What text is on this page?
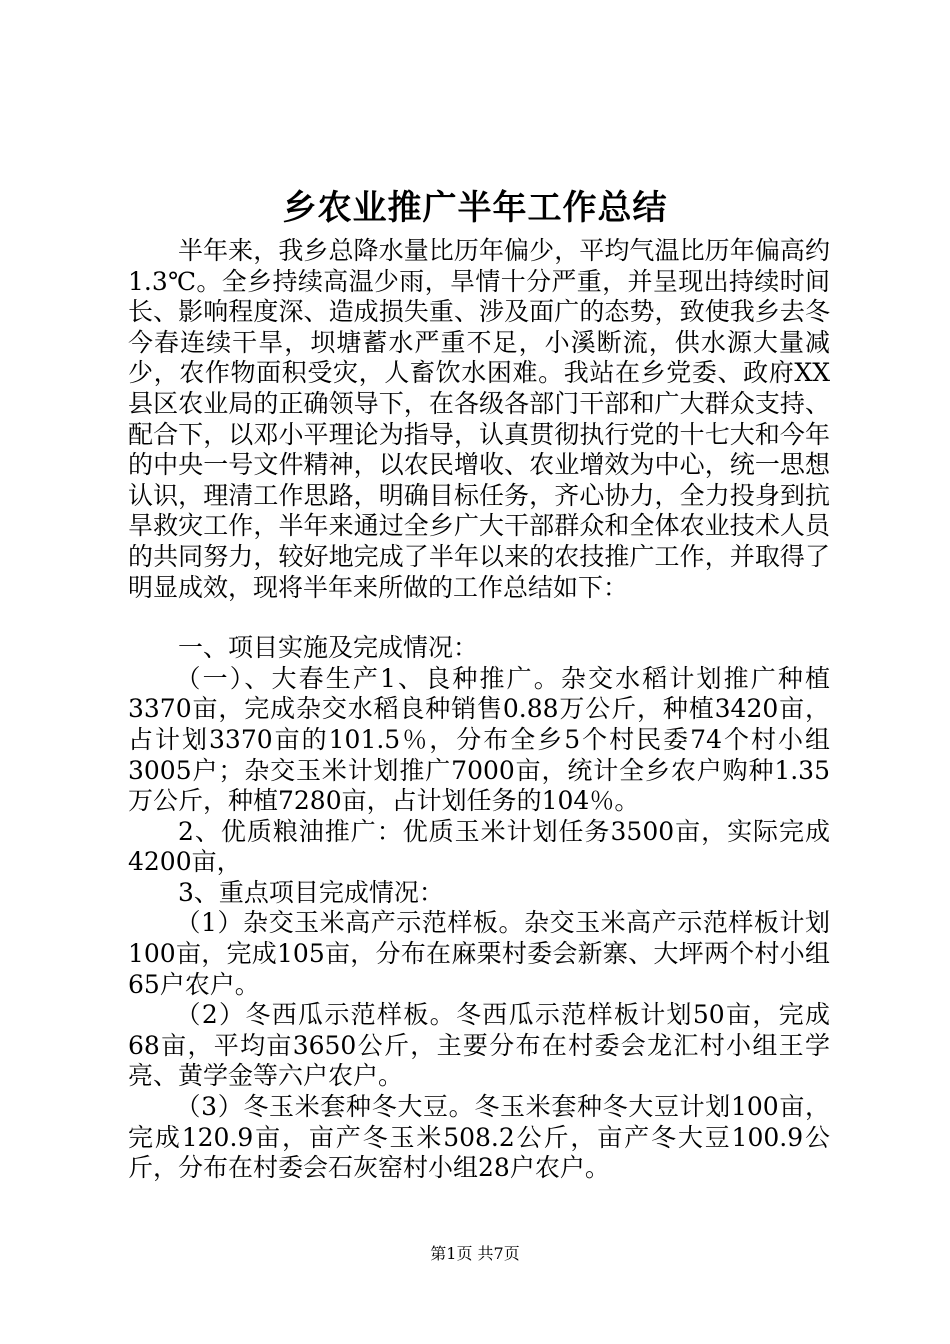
乡农业推广半年工作总结

半年来，我乡总降水量比历年偏少，平均气温比历年偏高约1.3℃。全乡持续高温少雨，旱情十分严重，并呈现出持续时间长、影响程度深、造成损失重、涉及面广的态势，致使我乡去冬今春连续干旱，坝塘蓄水严重不足，小溪断流，供水源大量减少，农作物面积受灾，人畜饮水困难。我站在乡党委、政府XX县区农业局的正确领导下，在各级各部门干部和广大群众支持、配合下，以邓小平理论为指导，认真贯彻执行党的十七大和今年的中央一号文件精神，以农民增收、农业增效为中心，统一思想认识，理清工作思路，明确目标任务，齐心协力，全力投身到抗旱救灾工作，半年来通过全乡广大干部群众和全体农业技术人员的共同努力，较好地完成了半年以来的农技推广工作，并取得了明显成效，现将半年来所做的工作总结如下：

一、项目实施及完成情况：

（一）、大春生产1、良种推广。杂交水稻计划推广种植3370亩，完成杂交水稻良种销售0.88万公斤，种植3420亩，占计划3370亩的101.5％，分布全乡5个村民委74个村小组3005户；杂交玉米计划推广7000亩，统计全乡农户购种1.35万公斤，种植7280亩，占计划任务的104％。

2、优质粮油推广：优质玉米计划任务3500亩，实际完成4200亩，

3、重点项目完成情况：

（1）杂交玉米高产示范样板。杂交玉米高产示范样板计划100亩，完成105亩，分布在麻栗村委会新寨、大坪两个村小组65户农户。

（2）冬西瓜示范样板。冬西瓜示范样板计划50亩，完成68亩，平均亩3650公斤，主要分布在村委会龙汇村小组王学亮、黄学金等六户农户。

（3）冬玉米套种冬大豆。冬玉米套种冬大豆计划100亩，完成120.9亩，亩产冬玉米508.2公斤，亩产冬大豆100.9公斤，分布在村委会石灰窑村小组28户农户。

第1页 共7页
